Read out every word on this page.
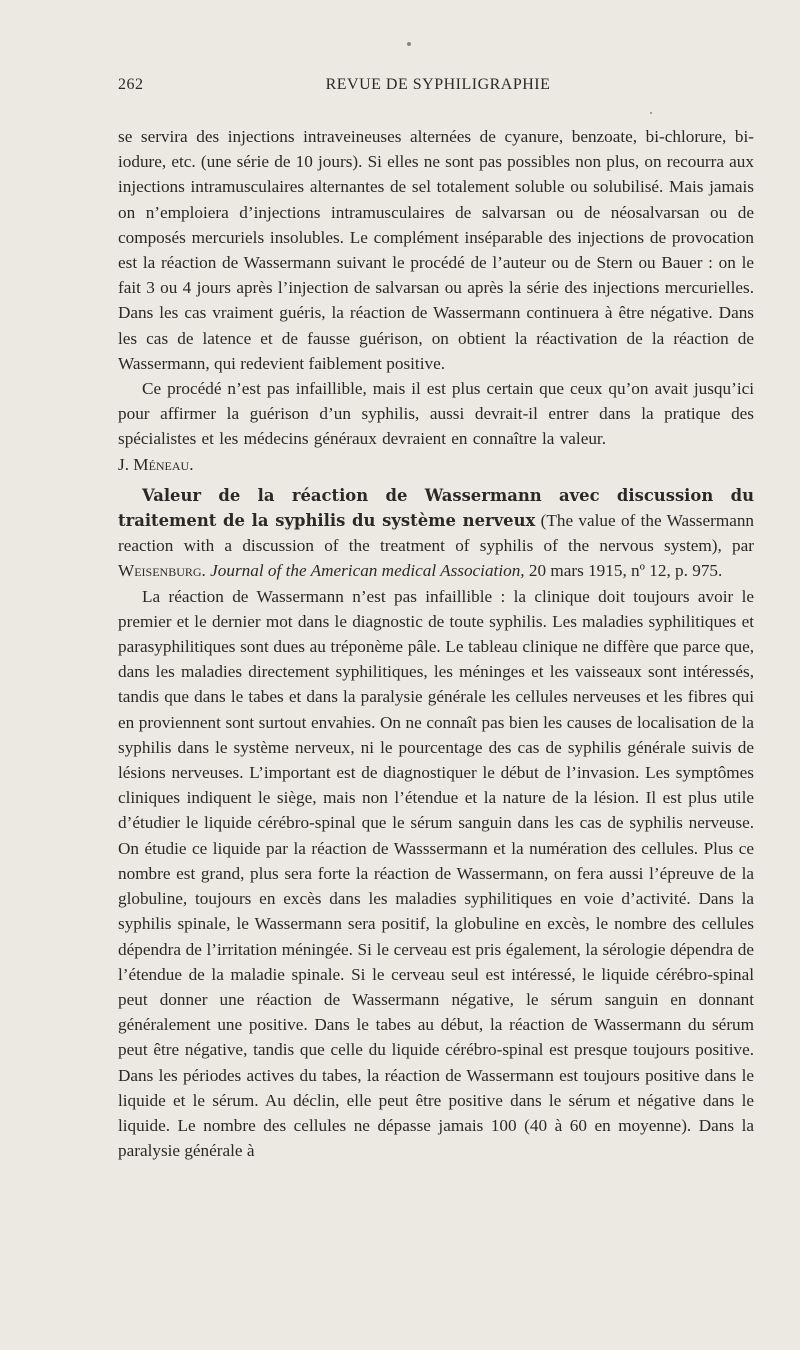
262	REVUE DE SYPHILIGRAPHIE

se servira des injections intraveineuses alternées de cyanure, benzoate, bi-chlorure, bi-iodure, etc. (une série de 10 jours). Si elles ne sont pas possibles non plus, on recourra aux injections intramusculaires alternantes de sel totalement soluble ou solubilisé. Mais jamais on n’emploiera d’injections intramusculaires de salvarsan ou de néosalvarsan ou de composés mercuriels insolubles. Le complément inséparable des injections de provocation est la réaction de Wassermann suivant le procédé de l’auteur ou de Stern ou Bauer : on le fait 3 ou 4 jours après l’injection de salvarsan ou après la série des injections mercurielles. Dans les cas vraiment guéris, la réaction de Wassermann continuera à être négative. Dans les cas de latence et de fausse guérison, on obtient la réactivation de la réaction de Wassermann, qui redevient faiblement positive.

Ce procédé n’est pas infaillible, mais il est plus certain que ceux qu’on avait jusqu’ici pour affirmer la guérison d’un syphilis, aussi devrait-il entrer dans la pratique des spécialistes et les médecins généraux devraient en connaître la valeur.J. Méneau.

Valeur de la réaction de Wassermann avec discussion du traitement de la syphilis du système nerveux (The value of the Wassermann reaction with a discussion of the treatment of syphilis of the nervous system), par Weisenburg. Journal of the American medical Association, 20 mars 1915, nº 12, p. 975.

La réaction de Wassermann n’est pas infaillible : la clinique doit toujours avoir le premier et le dernier mot dans le diagnostic de toute syphilis. Les maladies syphilitiques et parasyphilitiques sont dues au tréponème pâle. Le tableau clinique ne diffère que parce que, dans les maladies directement syphilitiques, les méninges et les vaisseaux sont intéressés, tandis que dans le tabes et dans la paralysie générale les cellules nerveuses et les fibres qui en proviennent sont surtout envahies. On ne connaît pas bien les causes de localisation de la syphilis dans le système nerveux, ni le pourcentage des cas de syphilis générale suivis de lésions nerveuses. L’important est de diagnostiquer le début de l’invasion. Les symptômes cliniques indiquent le siège, mais non l’étendue et la nature de la lésion. Il est plus utile d’étudier le liquide cérébro-spinal que le sérum sanguin dans les cas de syphilis nerveuse. On étudie ce liquide par la réaction de Wasssermann et la numération des cellules. Plus ce nombre est grand, plus sera forte la réaction de Wassermann, on fera aussi l’épreuve de la globuline, toujours en excès dans les maladies syphilitiques en voie d’activité. Dans la syphilis spinale, le Wassermann sera positif, la globuline en excès, le nombre des cellules dépendra de l’irritation méningée. Si le cerveau est pris également, la sérologie dépendra de l’étendue de la maladie spinale. Si le cerveau seul est intéressé, le liquide cérébro-spinal peut donner une réaction de Wassermann négative, le sérum sanguin en donnant généralement une positive. Dans le tabes au début, la réaction de Wassermann du sérum peut être négative, tandis que celle du liquide cérébro-spinal est presque toujours positive. Dans les périodes actives du tabes, la réaction de Wassermann est toujours positive dans le liquide et le sérum. Au déclin, elle peut être positive dans le sérum et négative dans le liquide. Le nombre des cellules ne dépasse jamais 100 (40 à 60 en moyenne). Dans la paralysie générale à
